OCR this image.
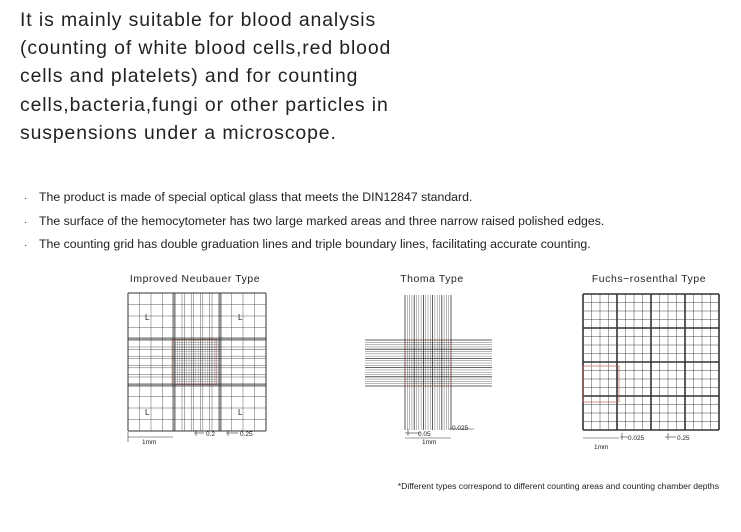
It is mainly suitable for blood analysis
(counting of white blood cells,red blood
cells and platelets) and for counting
cells,bacteria,fungi or other particles in
suspensions under a microscope.
· The product is made of special optical glass that meets the DIN12847 standard.
· The surface of the hemocytometer has two large marked areas and three narrow raised polished edges.
· The counting grid has double graduation lines and triple boundary lines, facilitating accurate counting.
Improved Neubauer Type	Thoma Type	Fuchs−rosenthal Type
L	L
L	L
1mm
0.2	0.25	0.05
0.025
1mm
1mm
0.025	0.25
*Different types correspond to different counting areas and counting chamber depths
